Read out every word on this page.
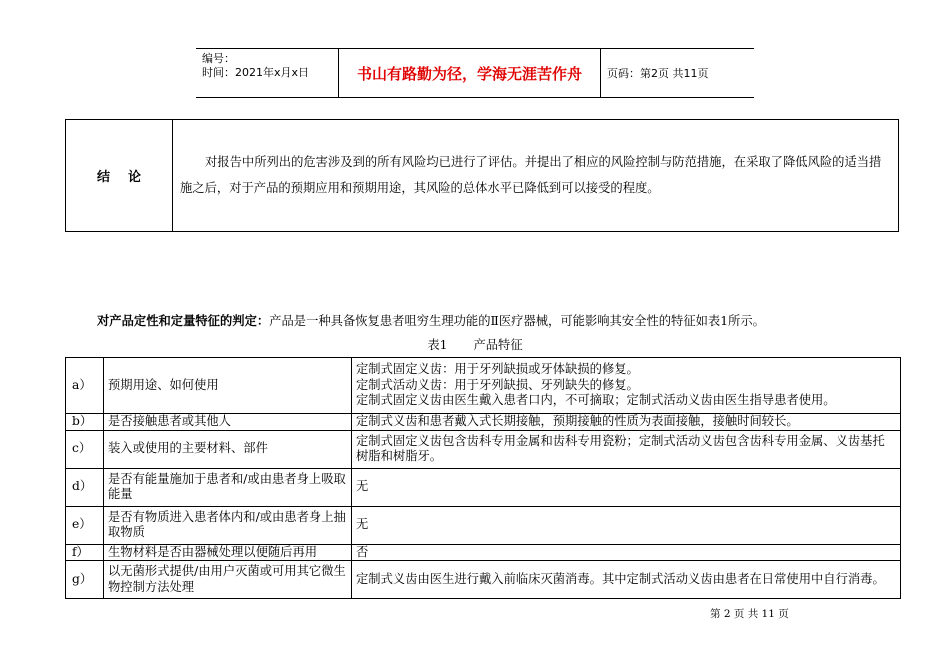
编号：
时间：2021年x月x日	书山有路勤为径，学海无涯苦作舟	页码：第2页 共11页
结论
对报告中所列出的危害涉及到的所有风险均已进行了评估。并提出了相应的风险控制与防范措施，在采取了降低风险的适当措施之后，对于产品的预期应用和预期用途，其风险的总体水平已降低到可以接受的程度。
对产品定性和定量特征的判定：产品是一种具备恢复患者咀穷生理功能的Ⅱ医疗器械，可能影响其安全性的特征如表1所示。
表1 产品特征
a）	预期用途、如何使用	定制式固定义齿：用于牙列缺损或牙体缺损的修复。
定制式活动义齿：用于牙列缺损、牙列缺失的修复。
定制式固定义齿由医生戴入患者口内，不可摘取；定制式活动义齿由医生指导患者使用。

b）	是否接触患者或其他人	定制式义齿和患者戴入式长期接触，预期接触的性质为表面接触，接触时间较长。

c）	装入或使用的主要材料、部件	定制式固定义齿包含齿科专用金属和齿科专用瓷粉；定制式活动义齿包含齿科专用金属、义齿基托树脂和树脂牙。

d）	是否有能量施加于患者和/或由患者身上吸取能量	无

e）	是否有物质进入患者体内和/或由患者身上抽取物质	无

f）	生物材料是否由器械处理以便随后再用	否

g）	以无菌形式提供/由用户灭菌或可用其它微生物控制方法处理	定制式义齿由医生进行戴入前临床灭菌消毒。其中定制式活动义齿由患者在日常使用中自行消毒。
第 2 页 共 11 页
